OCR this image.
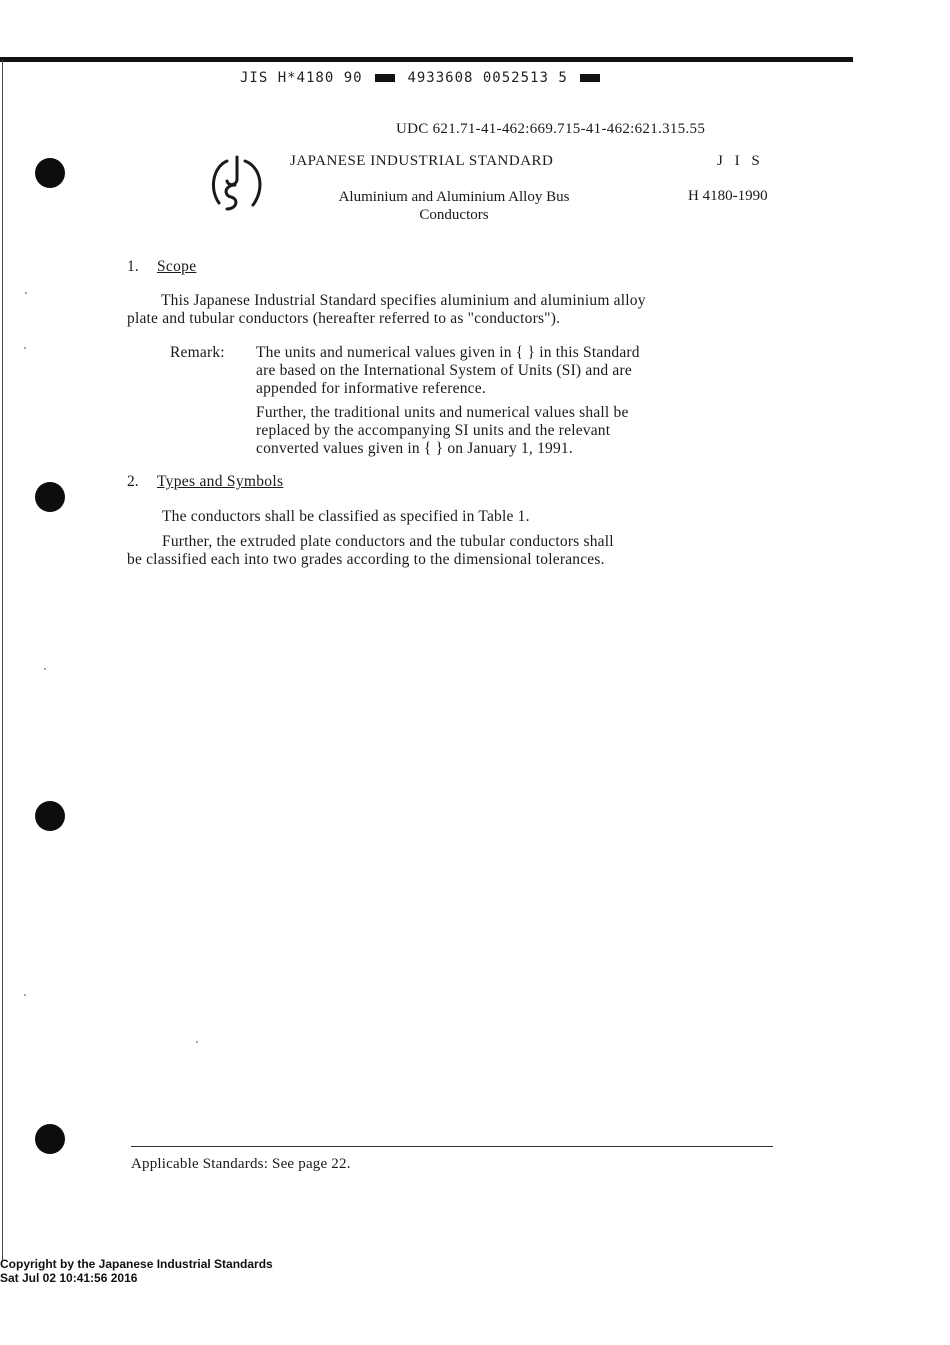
JIS H*4180 90	4933608 0052513 5
UDC 621.71-41-462:669.715-41-462:621.315.55
JAPANESE INDUSTRIAL STANDARD	J I S
Aluminium and Aluminium Alloy Bus
Conductors
H 4180-1990
1. Scope
This Japanese Industrial Standard specifies aluminium and aluminium alloy
plate and tubular conductors (hereafter referred to as "conductors").
Remark: The units and numerical values given in { } in this Standard
are based on the International System of Units (SI) and are
appended for informative reference.
Further, the traditional units and numerical values shall be
replaced by the accompanying SI units and the relevant
converted values given in { } on January 1, 1991.
2. Types and Symbols
The conductors shall be classified as specified in Table 1.
Further, the extruded plate conductors and the tubular conductors shall
be classified each into two grades according to the dimensional tolerances.
Applicable Standards: See page 22.
Copyright by the Japanese Industrial Standards
Sat Jul 02 10:41:56 2016
